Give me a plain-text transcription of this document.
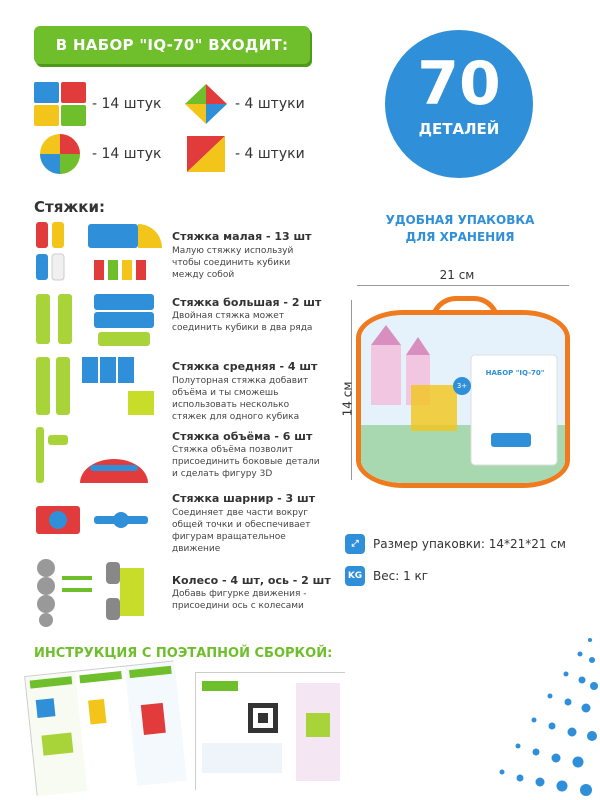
В НАБОР "IQ-70" ВХОДИТ:
70
ДЕТАЛЕЙ
- 14 штук	- 4 штуки
- 14 штук	- 4 штуки
Стяжки:
Стяжка малая - 13 шт
Малую стяжку используй чтобы соединить кубики между собой
Стяжка большая - 2 шт
Двойная стяжка может соединить кубики в два ряда
Стяжка средняя - 4 шт
Полуторная стяжка добавит объёма и ты сможешь использовать несколько стяжек для одного кубика
Стяжка объёма - 6 шт
Стяжка объёма позволит присоединить боковые детали и сделать фигуру 3D
Стяжка шарнир - 3 шт
Соединяет две части вокруг общей точки и обеспечивает фигурам вращательное движение
Колесо - 4 шт, ось - 2 шт
Добавь фигурке движения - присоедини ось с колесами
УДОБНАЯ УПАКОВКА ДЛЯ ХРАНЕНИЯ
21 см
14 см
НАБОР "IQ-70"
3+
⤢	Размер упаковки: 14*21*21 см
KG Вес: 1 кг
ИНСТРУКЦИЯ С ПОЭТАПНОЙ СБОРКОЙ:
